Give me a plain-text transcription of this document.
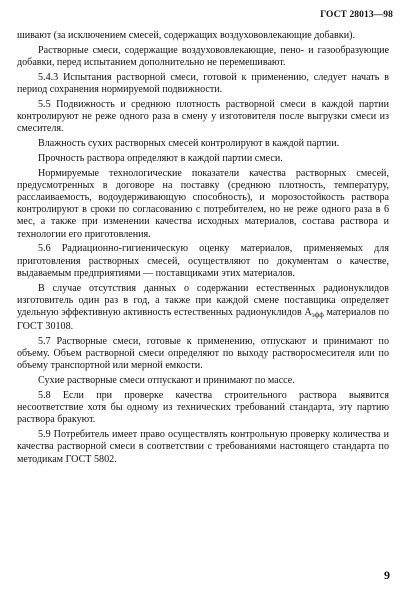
ГОСТ 28013—98

шивают (за исключением смесей, содержащих воздухововлекающие добавки).

Растворные смеси, содержащие воздухововлекающие, пено- и газообразующие добавки, перед испытанием дополнительно не перемешивают.

5.4.3 Испытания растворной смеси, готовой к применению, следует начать в период сохранения нормируемой подвижности.

5.5 Подвижность и среднюю плотность растворной смеси в каждой партии контролируют не реже одного раза в смену у изготовителя после выгрузки смеси из смесителя.

Влажность сухих растворных смесей контролируют в каждой партии.

Прочность раствора определяют в каждой партии смеси.

Нормируемые технологические показатели качества растворных смесей, предусмотренных в договоре на поставку (среднюю плотность, температуру, расслаиваемость, водоудерживающую способность), и морозостойкость раствора контролируют в сроки по согласованию с потребителем, но не реже одного раза в 6 мес, а также при изменении качества исходных материалов, состава раствора и технологии его приготовления.

5.6 Радиационно-гигиеническую оценку материалов, применяемых для приготовления растворных смесей, осуществляют по документам о качестве, выдаваемым предприятиями — поставщиками этих материалов.

В случае отсутствия данных о содержании естественных радионуклидов изготовитель один раз в год, а также при каждой смене поставщика определяет удельную эффективную активность естественных радионуклидов $A_{эфф}$ материалов по ГОСТ 30108.

5.7 Растворные смеси, готовые к применению, отпускают и принимают по объему. Объем растворной смеси определяют по выходу растворосмесителя или по объему транспортной или мерной емкости.

Сухие растворные смеси отпускают и принимают по массе.

5.8 Если при проверке качества строительного раствора выявится несоответствие хотя бы одному из технических требований стандарта, эту партию раствора бракуют.

5.9 Потребитель имеет право осуществлять контрольную проверку количества и качества растворной смеси в соответствии с требованиями настоящего стандарта по методикам ГОСТ 5802.

9
